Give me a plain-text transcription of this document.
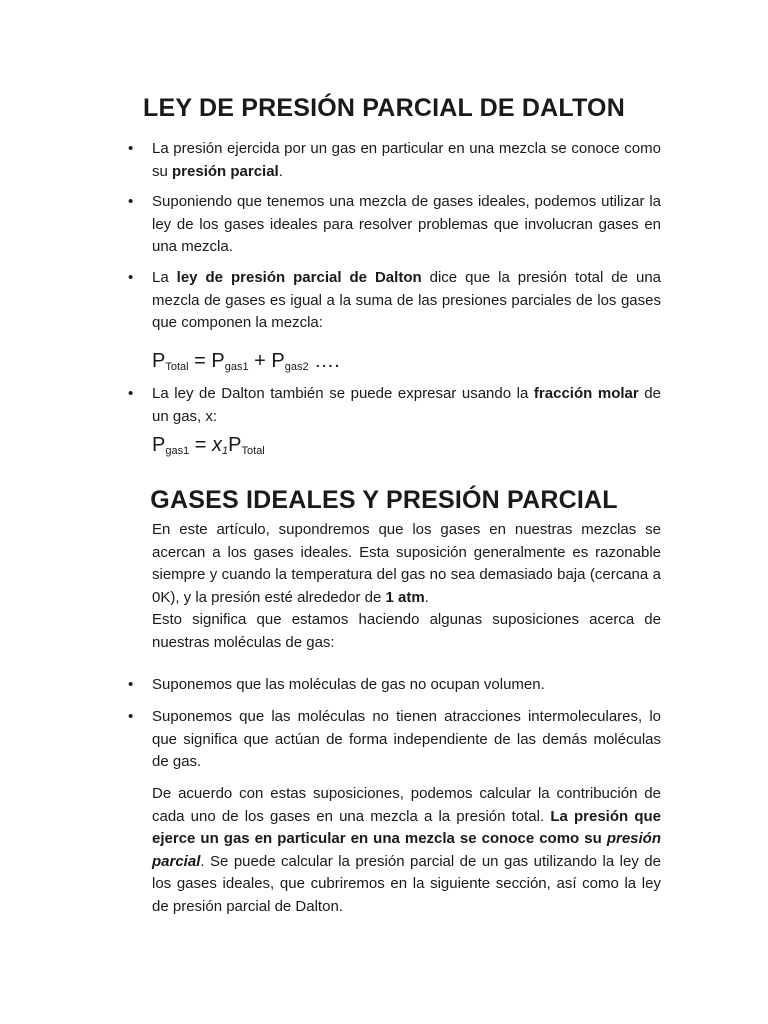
LEY DE PRESIÓN PARCIAL DE DALTON
• La presión ejercida por un gas en particular en una mezcla se conoce como su presión parcial.
• Suponiendo que tenemos una mezcla de gases ideales, podemos utilizar la ley de los gases ideales para resolver problemas que involucran gases en una mezcla.
• La ley de presión parcial de Dalton dice que la presión total de una mezcla de gases es igual a la suma de las presiones parciales de los gases que componen la mezcla:
$P_{Total} = P_{gas1} + P_{gas2}$ ….
• La ley de Dalton también se puede expresar usando la fracción molar de un gas, x:
$P_{gas1} = x_1P_{Total}$
GASES IDEALES Y PRESIÓN PARCIAL
En este artículo, supondremos que los gases en nuestras mezclas se acercan a los gases ideales. Esta suposición generalmente es razonable siempre y cuando la temperatura del gas no sea demasiado baja (cercana a 0K), y la presión esté alrededor de 1 atm.
Esto significa que estamos haciendo algunas suposiciones acerca de nuestras moléculas de gas:
• Suponemos que las moléculas de gas no ocupan volumen.
• Suponemos que las moléculas no tienen atracciones intermoleculares, lo que significa que actúan de forma independiente de las demás moléculas de gas.
De acuerdo con estas suposiciones, podemos calcular la contribución de cada uno de los gases en una mezcla a la presión total. La presión que ejerce un gas en particular en una mezcla se conoce como su presión parcial. Se puede calcular la presión parcial de un gas utilizando la ley de los gases ideales, que cubriremos en la siguiente sección, así como la ley de presión parcial de Dalton.
